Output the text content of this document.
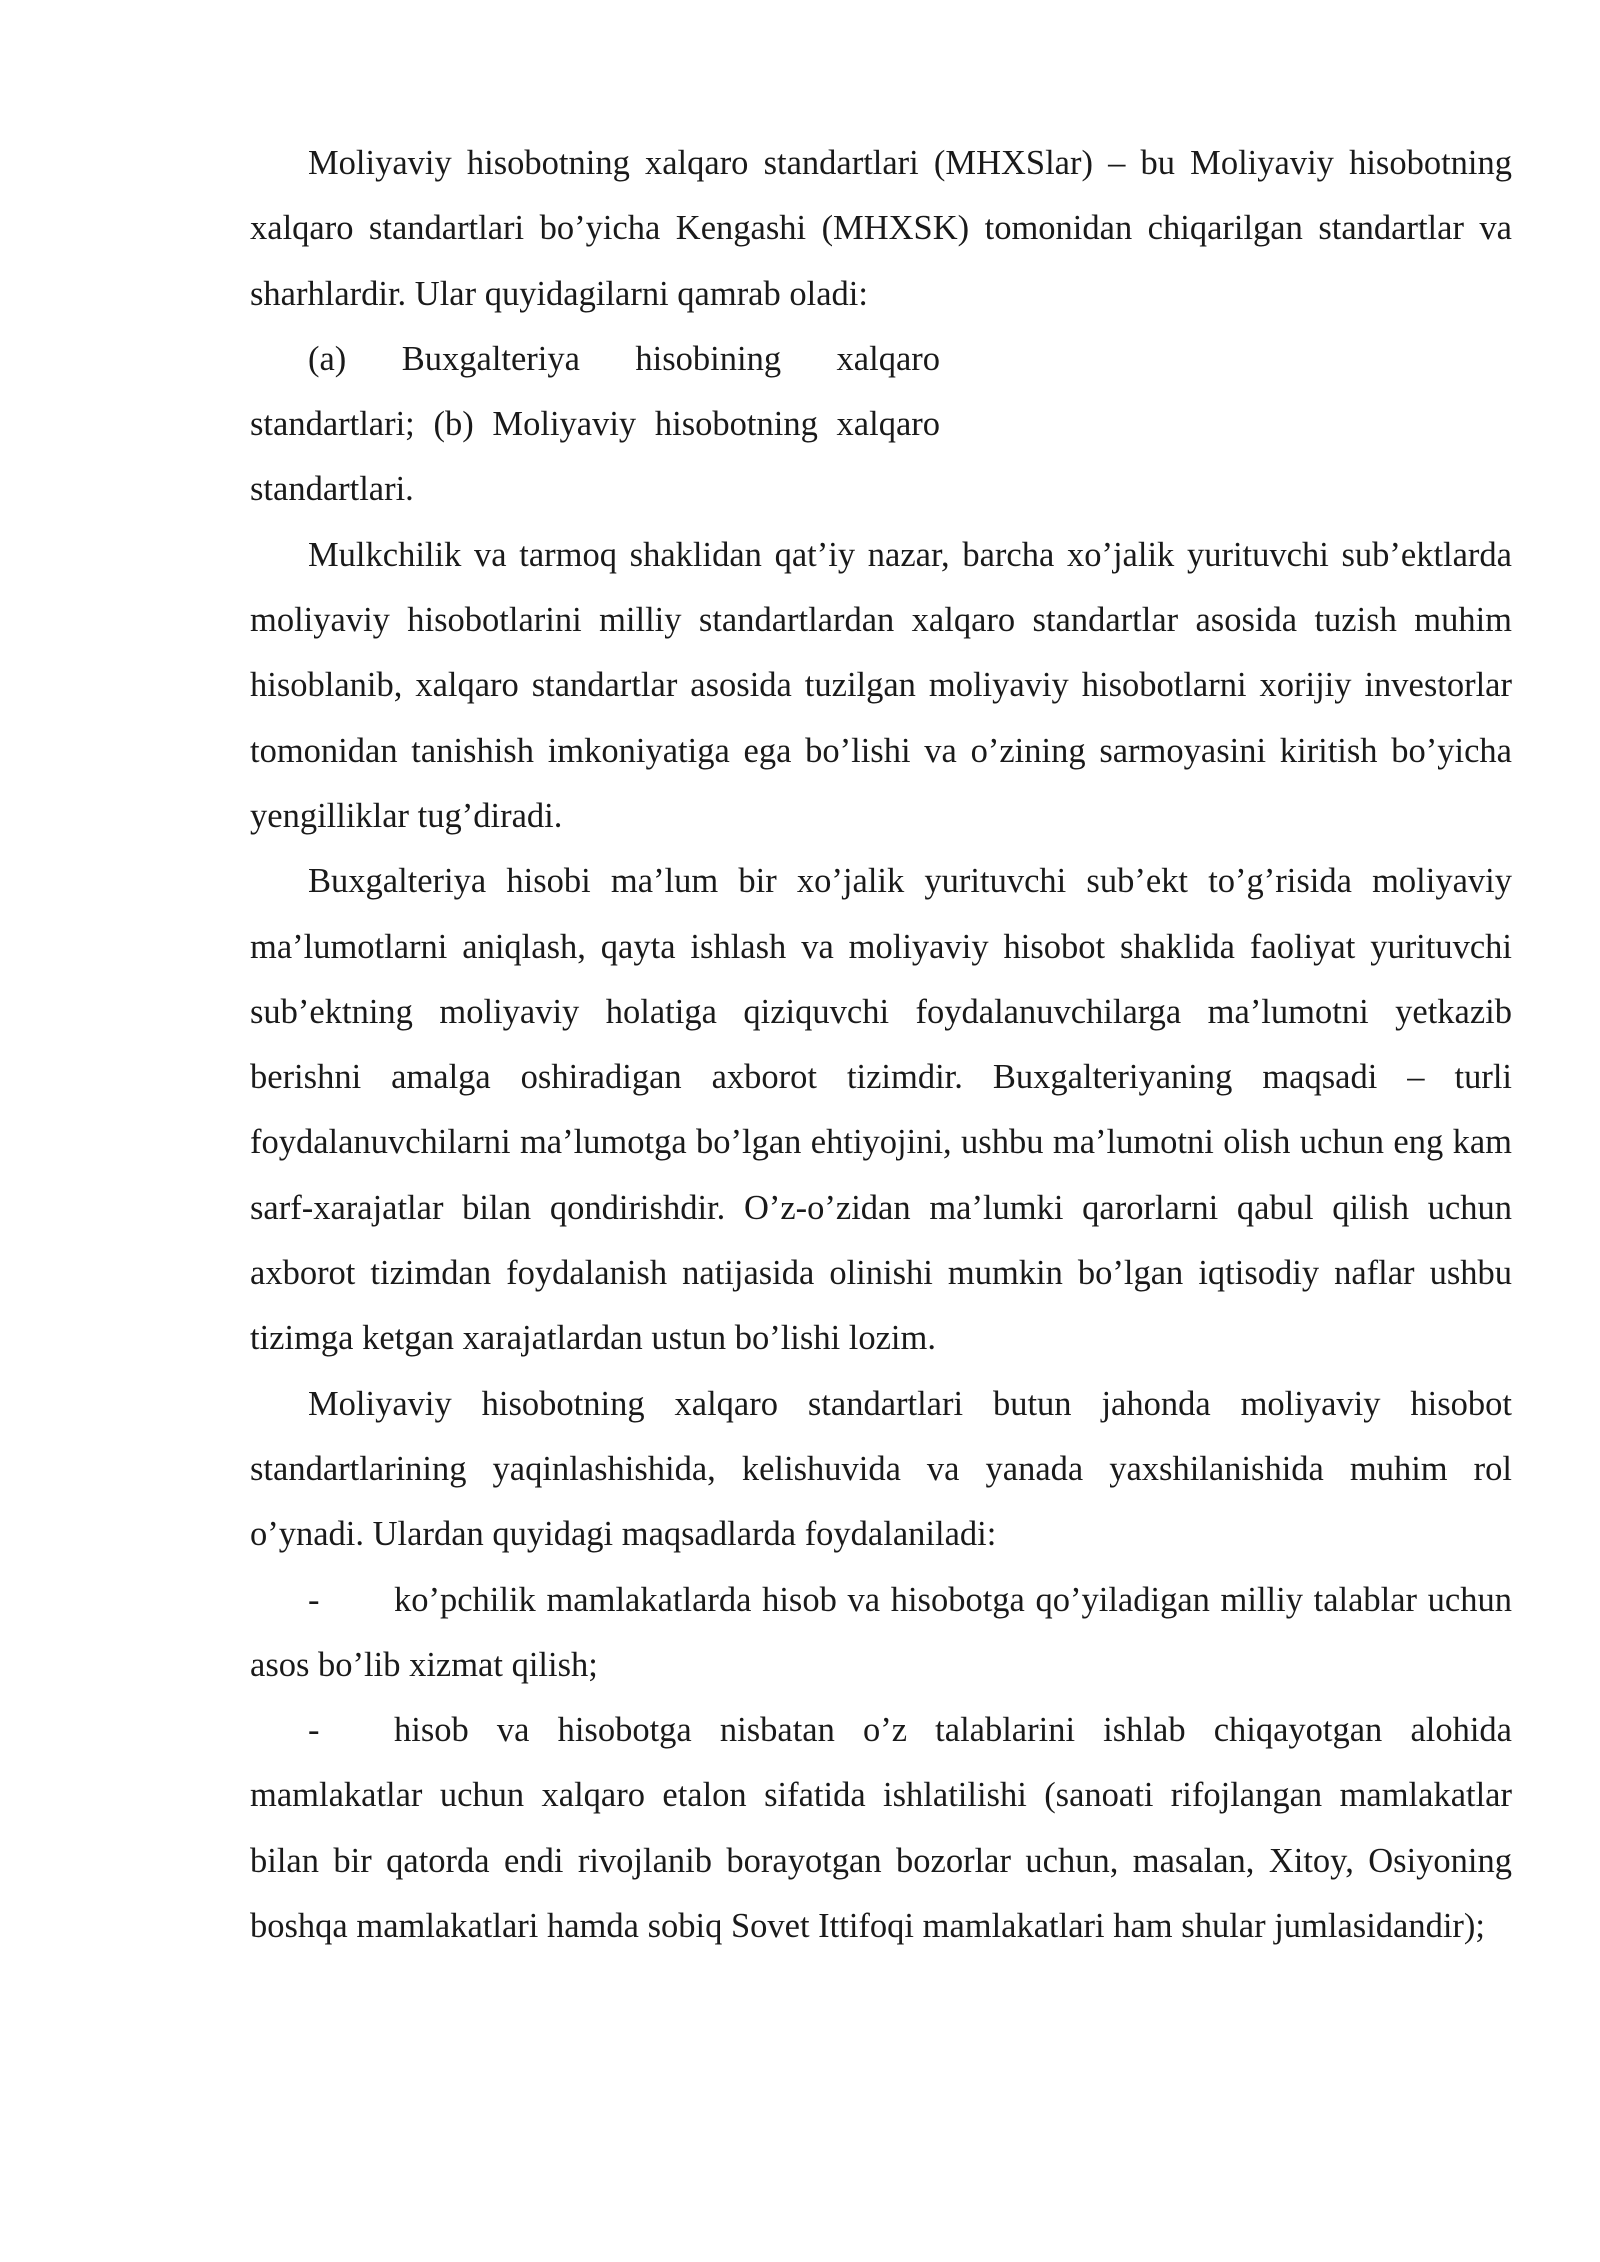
Moliyaviy hisobotning xalqaro standartlari (MHXSlar) – bu Moliyaviy hisobotning xalqaro standartlari bo’yicha Kengashi (MHXSK) tomonidan chiqarilgan standartlar va sharhlardir. Ular quyidagilarni qamrab oladi:

(a) Buxgalteriya hisobining xalqaro standartlari; (b) Moliyaviy hisobotning xalqaro standartlari.

Mulkchilik va tarmoq shaklidan qat’iy nazar, barcha xo’jalik yurituvchi sub’ektlarda moliyaviy hisobotlarini milliy standartlardan xalqaro standartlar asosida tuzish muhim hisoblanib, xalqaro standartlar asosida tuzilgan moliyaviy hisobotlarni xorijiy investorlar tomonidan tanishish imkoniyatiga ega bo’lishi va o’zining sarmoyasini kiritish bo’yicha yengilliklar tug’diradi.

Buxgalteriya hisobi ma’lum bir xo’jalik yurituvchi sub’ekt to’g’risida moliyaviy ma’lumotlarni aniqlash, qayta ishlash va moliyaviy hisobot shaklida faoliyat yurituvchi sub’ektning moliyaviy holatiga qiziquvchi foydalanuvchilarga ma’lumotni yetkazib berishni amalga oshiradigan axborot tizimdir. Buxgalteriyaning maqsadi – turli foydalanuvchilarni ma’lumotga bo’lgan ehtiyojini, ushbu ma’lumotni olish uchun eng kam sarf-xarajatlar bilan qondirishdir. O’z-o’zidan ma’lumki qarorlarni qabul qilish uchun axborot tizimdan foydalanish natijasida olinishi mumkin bo’lgan iqtisodiy naflar ushbu tizimga ketgan xarajatlardan ustun bo’lishi lozim.

Moliyaviy hisobotning xalqaro standartlari butun jahonda moliyaviy hisobot standartlarining yaqinlashishida, kelishuvida va yanada yaxshilanishida muhim rol o’ynadi. Ulardan quyidagi maqsadlarda foydalaniladi:

- ko’pchilik mamlakatlarda hisob va hisobotga qo’yiladigan milliy talablar uchun asos bo’lib xizmat qilish;

- hisob va hisobotga nisbatan o’z talablarini ishlab chiqayotgan alohida mamlakatlar uchun xalqaro etalon sifatida ishlatilishi (sanoati rifojlangan mamlakatlar bilan bir qatorda endi rivojlanib borayotgan bozorlar uchun, masalan, Xitoy, Osiyoning boshqa mamlakatlari hamda sobiq Sovet Ittifoqi mamlakatlari ham shular jumlasidandir);
